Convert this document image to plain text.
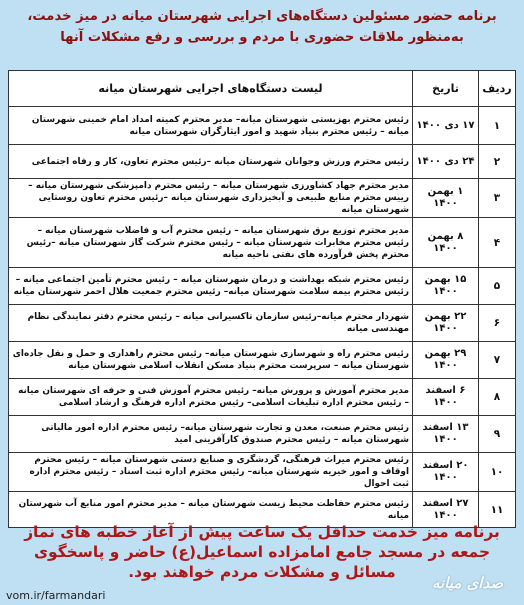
برنامه حضور مسئولین دستگاه‌های اجرایی شهرستان میانه در میز خدمت،
به‌منظور ملاقات حضوری با مردم و بررسی و رفع مشکلات آنها
ردیف	تاریخ	لیست دستگاه‌های اجرایی شهرستان میانه
۱	۱۷ دی ۱۴۰۰	رئیس محترم بهزیستی شهرستان میانه– مدیر محترم کمیته امداد امام خمینی شهرستان میانه – رئیس محترم بنیاد شهید و امور ایثارگران شهرستان میانه
۲	۲۴ دی ۱۴۰۰	رئیس محترم ورزش وجوانان شهرستان میانه –رئیس محترم تعاون، کار و رفاه اجتماعی
۳	۱ بهمن ۱۴۰۰	مدیر محترم جهاد کشاورزی شهرستان میانه – رئیس محترم دامپزشکی شهرستان میانه – رییس محترم منابع طبیعی و آبخیزداری شهرستان میانه –رئیس محترم تعاون روستایی شهرستان میانه
۴	۸ بهمن ۱۴۰۰	مدیر محترم توزیع برق شهرستان میانه – رئیس محترم آب و فاضلاب شهرستان میانه – رئیس محترم مخابرات شهرستان میانه – رئیس محترم شرکت گاز شهرستان میانه –رئیس محترم پخش فرآورده های نفتی ناحیه میانه
۵	۱۵ بهمن ۱۴۰۰	رئیس محترم شبکه بهداشت و درمان شهرستان میانه – رئیس محترم تأمین اجتماعی میانه – رئیس محترم بیمه سلامت شهرستان میانه– رئیس محترم جمعیت هلال احمر شهرستان میانه
۶	۲۲ بهمن ۱۴۰۰	شهردار محترم میانه–رئیس سازمان تاکسیرانی میانه – رئیس محترم دفتر نمایندگی نظام مهندسی میانه
۷	۲۹ بهمن ۱۴۰۰	رئیس محترم راه و شهرسازی شهرستان میانه– رئیس محترم راهداری و حمل و نقل جاده‌ای شهرستان میانه – سرپرست محترم بنیاد مسکن انقلاب اسلامی شهرستان میانه
۸	۶ اسفند ۱۴۰۰	مدیر محترم آموزش و پرورش میانه– رئیس محترم آموزش فنی و حرفه ای شهرستان میانه – رئیس محترم اداره تبلیغات اسلامی– رئیس محترم اداره فرهنگ و ارشاد اسلامی
۹	۱۳ اسفند ۱۴۰۰	رئیس محترم صنعت، معدن و تجارت شهرستان میانه– رئیس محترم اداره امور مالیاتی شهرستان میانه – رئیس محترم صندوق کارآفرینی امید
۱۰	۲۰ اسفند ۱۴۰۰	رئیس محترم میراث فرهنگی، گردشگری و صنایع دستی شهرستان میانه – رئیس محترم اوقاف و امور خیریه شهرستان میانه– رئیس محترم اداره ثبت اسناد – رئیس محترم اداره ثبت احوال
۱۱	۲۷ اسفند ۱۴۰۰	رئیس محترم حفاظت محیط زیست شهرستان میانه – مدیر محترم امور منابع آب شهرستان میانه
برنامه میز خدمت حداقل یک ساعت پیش از آغاز خطبه های نماز
جمعه در مسجد جامع امامزاده اسماعیل(ع) حاضر و پاسخگوی
مسائل و مشکلات مردم خواهند بود.
vom.ir/farmandari
صدای میانه
